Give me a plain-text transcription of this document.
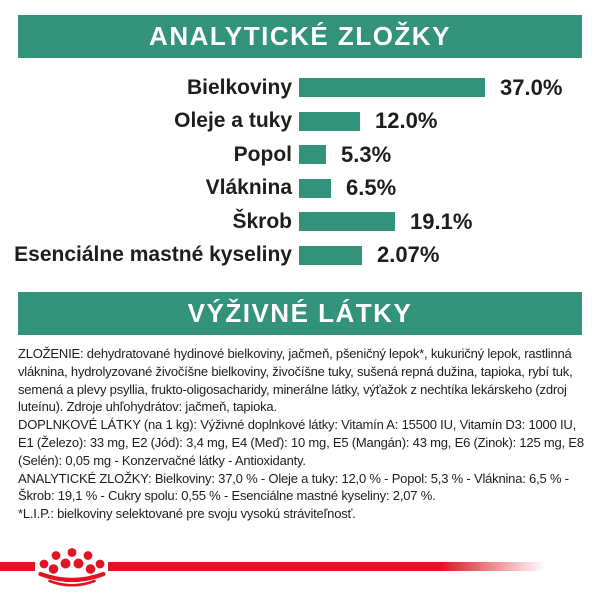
ANALYTICKÉ ZLOŽKY
Bielkoviny	37.0%
Oleje a tuky	12.0%
Popol 5.3%
Vláknina 6.5%
Škrob	19.1%
Esenciálne mastné kyseliny	2.07%
VÝŽIVNÉ LÁTKY

ZLOŽENIE: dehydratované hydinové bielkoviny, jačmeň, pšeničný lepok*, kukuričný lepok, rastlinná vláknina, hydrolyzované živočíšne bielkoviny, živočíšne tuky, sušená repná dužina, tapioka, rybí tuk, semená a plevy psyllia, frukto-oligosacharidy, minerálne látky, výťažok z nechtíka lekárskeho (zdroj luteínu). Zdroje uhľohydrátov: jačmeň, tapioka.

DOPLNKOVÉ LÁTKY (na 1 kg): Výživné doplnkové látky: Vitamín A: 15500 IU, Vitamín D3: 1000 IU, E1 (Železo): 33 mg, E2 (Jód): 3,4 mg, E4 (Meď): 10 mg, E5 (Mangán): 43 mg, E6 (Zinok): 125 mg, E8 (Selén): 0,05 mg - Konzervačné látky - Antioxidanty.

ANALYTICKÉ ZLOŽKY: Bielkoviny: 37,0 % - Oleje a tuky: 12,0 % - Popol: 5,3 % - Vláknina: 6,5 % - Škrob: 19,1 % - Cukry spolu: 0,55 % - Esenciálne mastné kyseliny: 2,07 %.

*L.I.P.: bielkoviny selektované pre svoju vysokú stráviteľnosť.
